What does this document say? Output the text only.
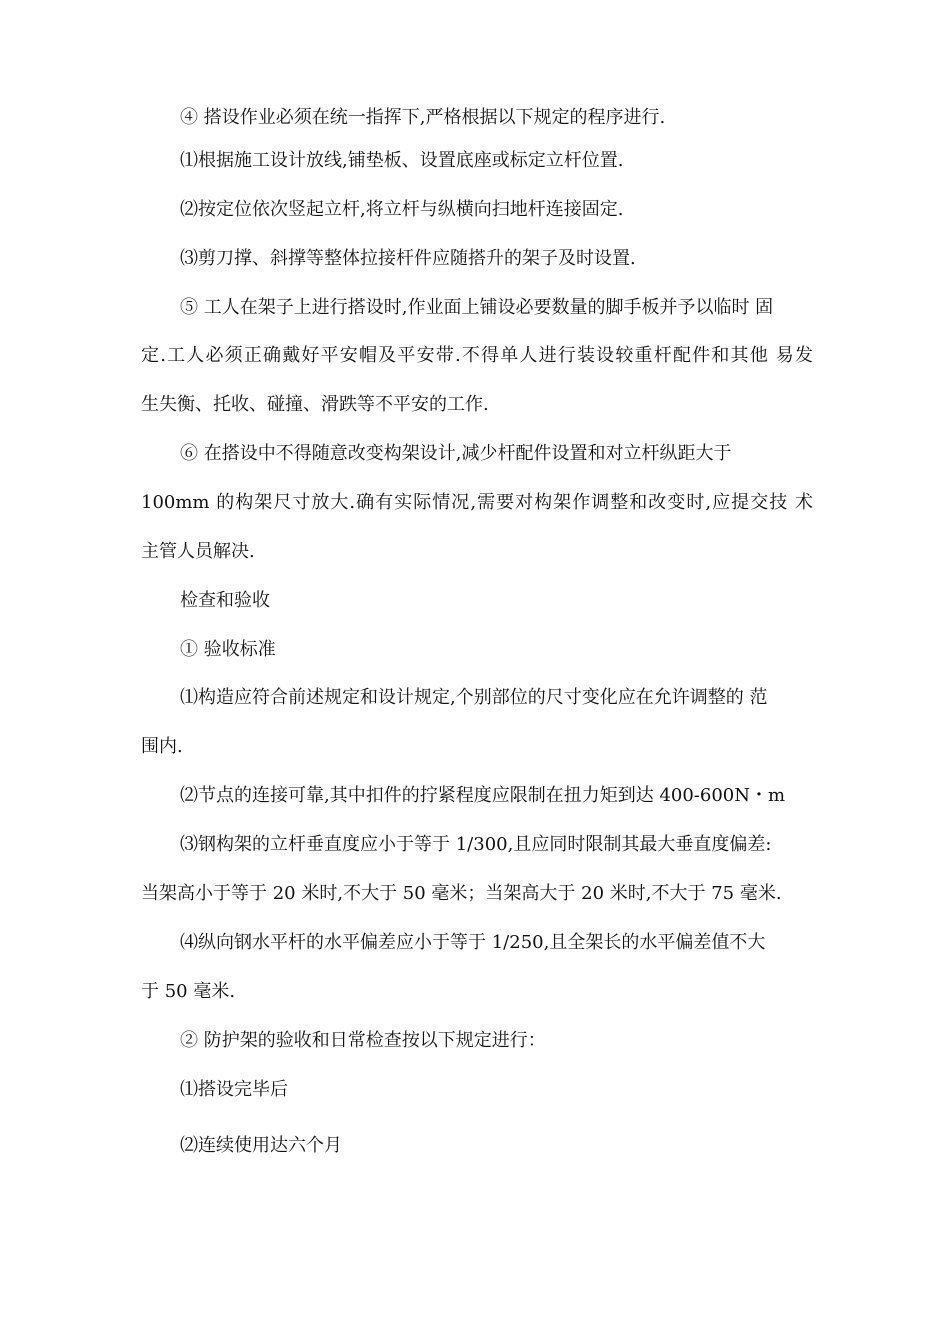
④ 搭设作业必须在统一指挥下,严格根据以下规定的程序进行.

⑴根据施工设计放线,铺垫板、设置底座或标定立杆位置.

⑵按定位依次竖起立杆,将立杆与纵横向扫地杆连接固定.

⑶剪刀撑、斜撑等整体拉接杆件应随搭升的架子及时设置.

⑤ 工人在架子上进行搭设时,作业面上铺设必要数量的脚手板并予以临时 固

定.工人必须正确戴好平安帽及平安带.不得单人进行装设较重杆配件和其他 易发

生失衡、托收、碰撞、滑跌等不平安的工作.

⑥ 在搭设中不得随意改变构架设计,减少杆配件设置和对立杆纵距大于

100mm 的构架尺寸放大.确有实际情况,需要对构架作调整和改变时,应提交技 术

主管人员解决.

检查和验收

① 验收标准

⑴构造应符合前述规定和设计规定,个别部位的尺寸变化应在允许调整的 范

围内.

⑵节点的连接可靠,其中扣件的拧紧程度应限制在扭力矩到达 400-600N・m

⑶钢构架的立杆垂直度应小于等于 1/300,且应同时限制其最大垂直度偏差:

当架高小于等于 20 米时,不大于 50 毫米；当架高大于 20 米时,不大于 75 毫米.

⑷纵向钢水平杆的水平偏差应小于等于 1/250,且全架长的水平偏差值不大

于 50 毫米.

② 防护架的验收和日常检查按以下规定进行：

⑴搭设完毕后

⑵连续使用达六个月
